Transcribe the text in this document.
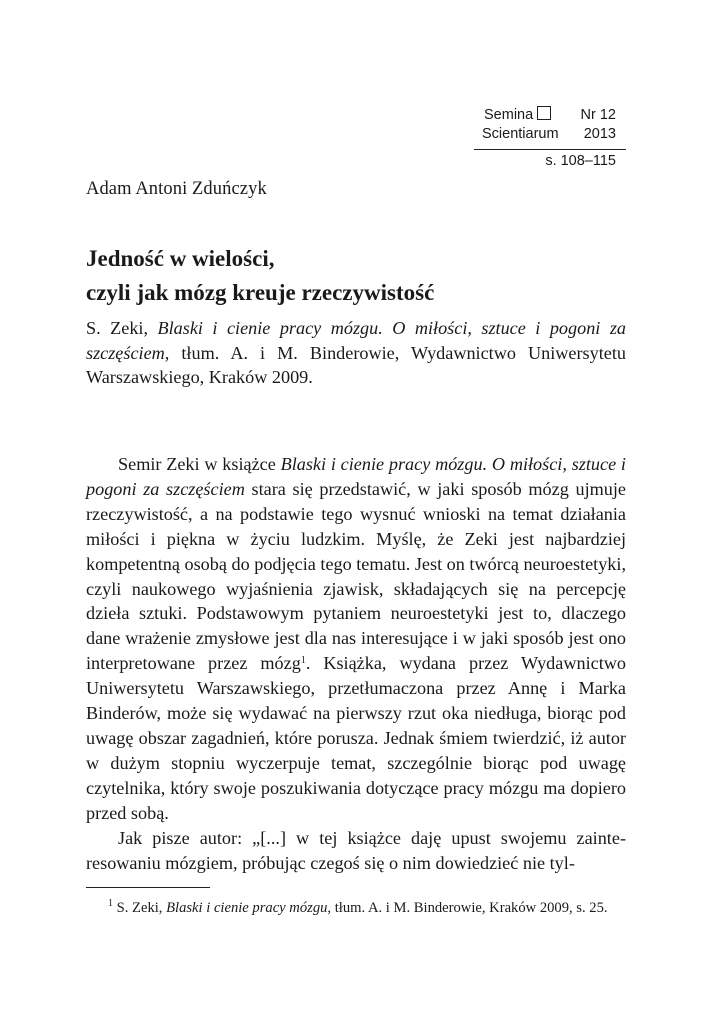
Semina	Nr 12
Scientiarum 2013
s. 108–115
Adam Antoni Zduńczyk
Jedność w wielości,
czyli jak mózg kreuje rzeczywistość
S. Zeki, Blaski i cienie pracy mózgu. O miłości, sztuce i pogoni za szczęściem, tłum. A. i M. Binderowie, Wydawnictwo Uniwersytetu Warszawskiego, Kraków 2009.

Semir Zeki w książce Blaski i cienie pracy mózgu. O miłości, sztuce i pogoni za szczęściem stara się przedstawić, w jaki sposób mózg ujmuje rzeczywistość, a na podstawie tego wysnuć wnioski na temat działania miłości i piękna w życiu ludzkim. Myślę, że Zeki jest najbardziej kompetentną osobą do podjęcia tego tematu. Jest on twórcą neuroestetyki, czyli naukowego wyjaśnienia zjawisk, składających się na percepcję dzieła sztuki. Podstawowym pytaniem neuroestetyki jest to, dlaczego dane wrażenie zmysłowe jest dla nas interesujące i w jaki sposób jest ono interpretowane przez mózg$^1$. Książka, wydana przez Wydawnictwo Uniwersytetu Warszawskiego, przetłumaczona przez Annę i Marka Binderów, może się wydawać na pierwszy rzut oka niedługa, biorąc pod uwagę obszar zagadnień, które porusza. Jednak śmiem twierdzić, iż autor w dużym stopniu wyczerpuje temat, szczególnie biorąc pod uwagę czytelnika, który swoje poszukiwania dotyczące pracy mózgu ma dopiero przed sobą.

Jak pisze autor: „[...] w tej książce daję upust swojemu zainteresowaniu mózgiem, próbując czegoś się o nim dowiedzieć nie tyl-

$^1$ S. Zeki, Blaski i cienie pracy mózgu, tłum. A. i M. Binderowie, Kraków 2009, s. 25.
